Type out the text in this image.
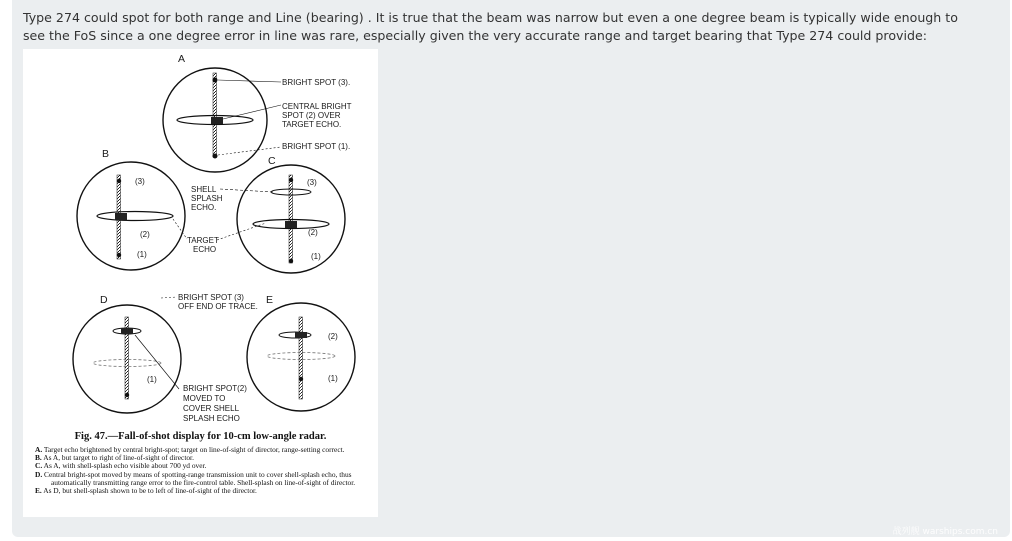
Type 274 could spot for both range and Line (bearing) . It is true that the beam was narrow but even a one degree beam is typically wide enough to see the FoS since a one degree error in line was rare, especially given the very accurate range and target bearing that Type 274 could provide:

A
BRIGHT SPOT (3).
CENTRAL BRIGHT
SPOT (2) OVER
TARGET ECHO.
BRIGHT SPOT (1).
B
(3)
(2)
(1)
SHELL
SPLASH
ECHO.
TARGET
ECHO
C
(3)
(2)
(1)
D	BRIGHT SPOT (3)
OFF END OF TRACE.
(1)
BRIGHT SPOT(2)
MOVED TO
COVER SHELL
SPLASH ECHO
E
(2)
(1)

Fig. 47.—Fall-of-shot display for 10-cm low-angle radar.

A. Target echo brightened by central bright-spot; target on line-of-sight of director, range-setting correct.
B. As A, but target to right of line-of-sight of director.
C. As A, with shell-splash echo visible about 700 yd over.
D. Central bright-spot moved by means of spotting-range transmission unit to cover shell-splash echo, thus automatically transmitting range error to the fire-control table. Shell-splash on line-of-sight of director.
E. As D, but shell-splash shown to be to left of line-of-sight of the director.
战列舰 warships.com.cn
